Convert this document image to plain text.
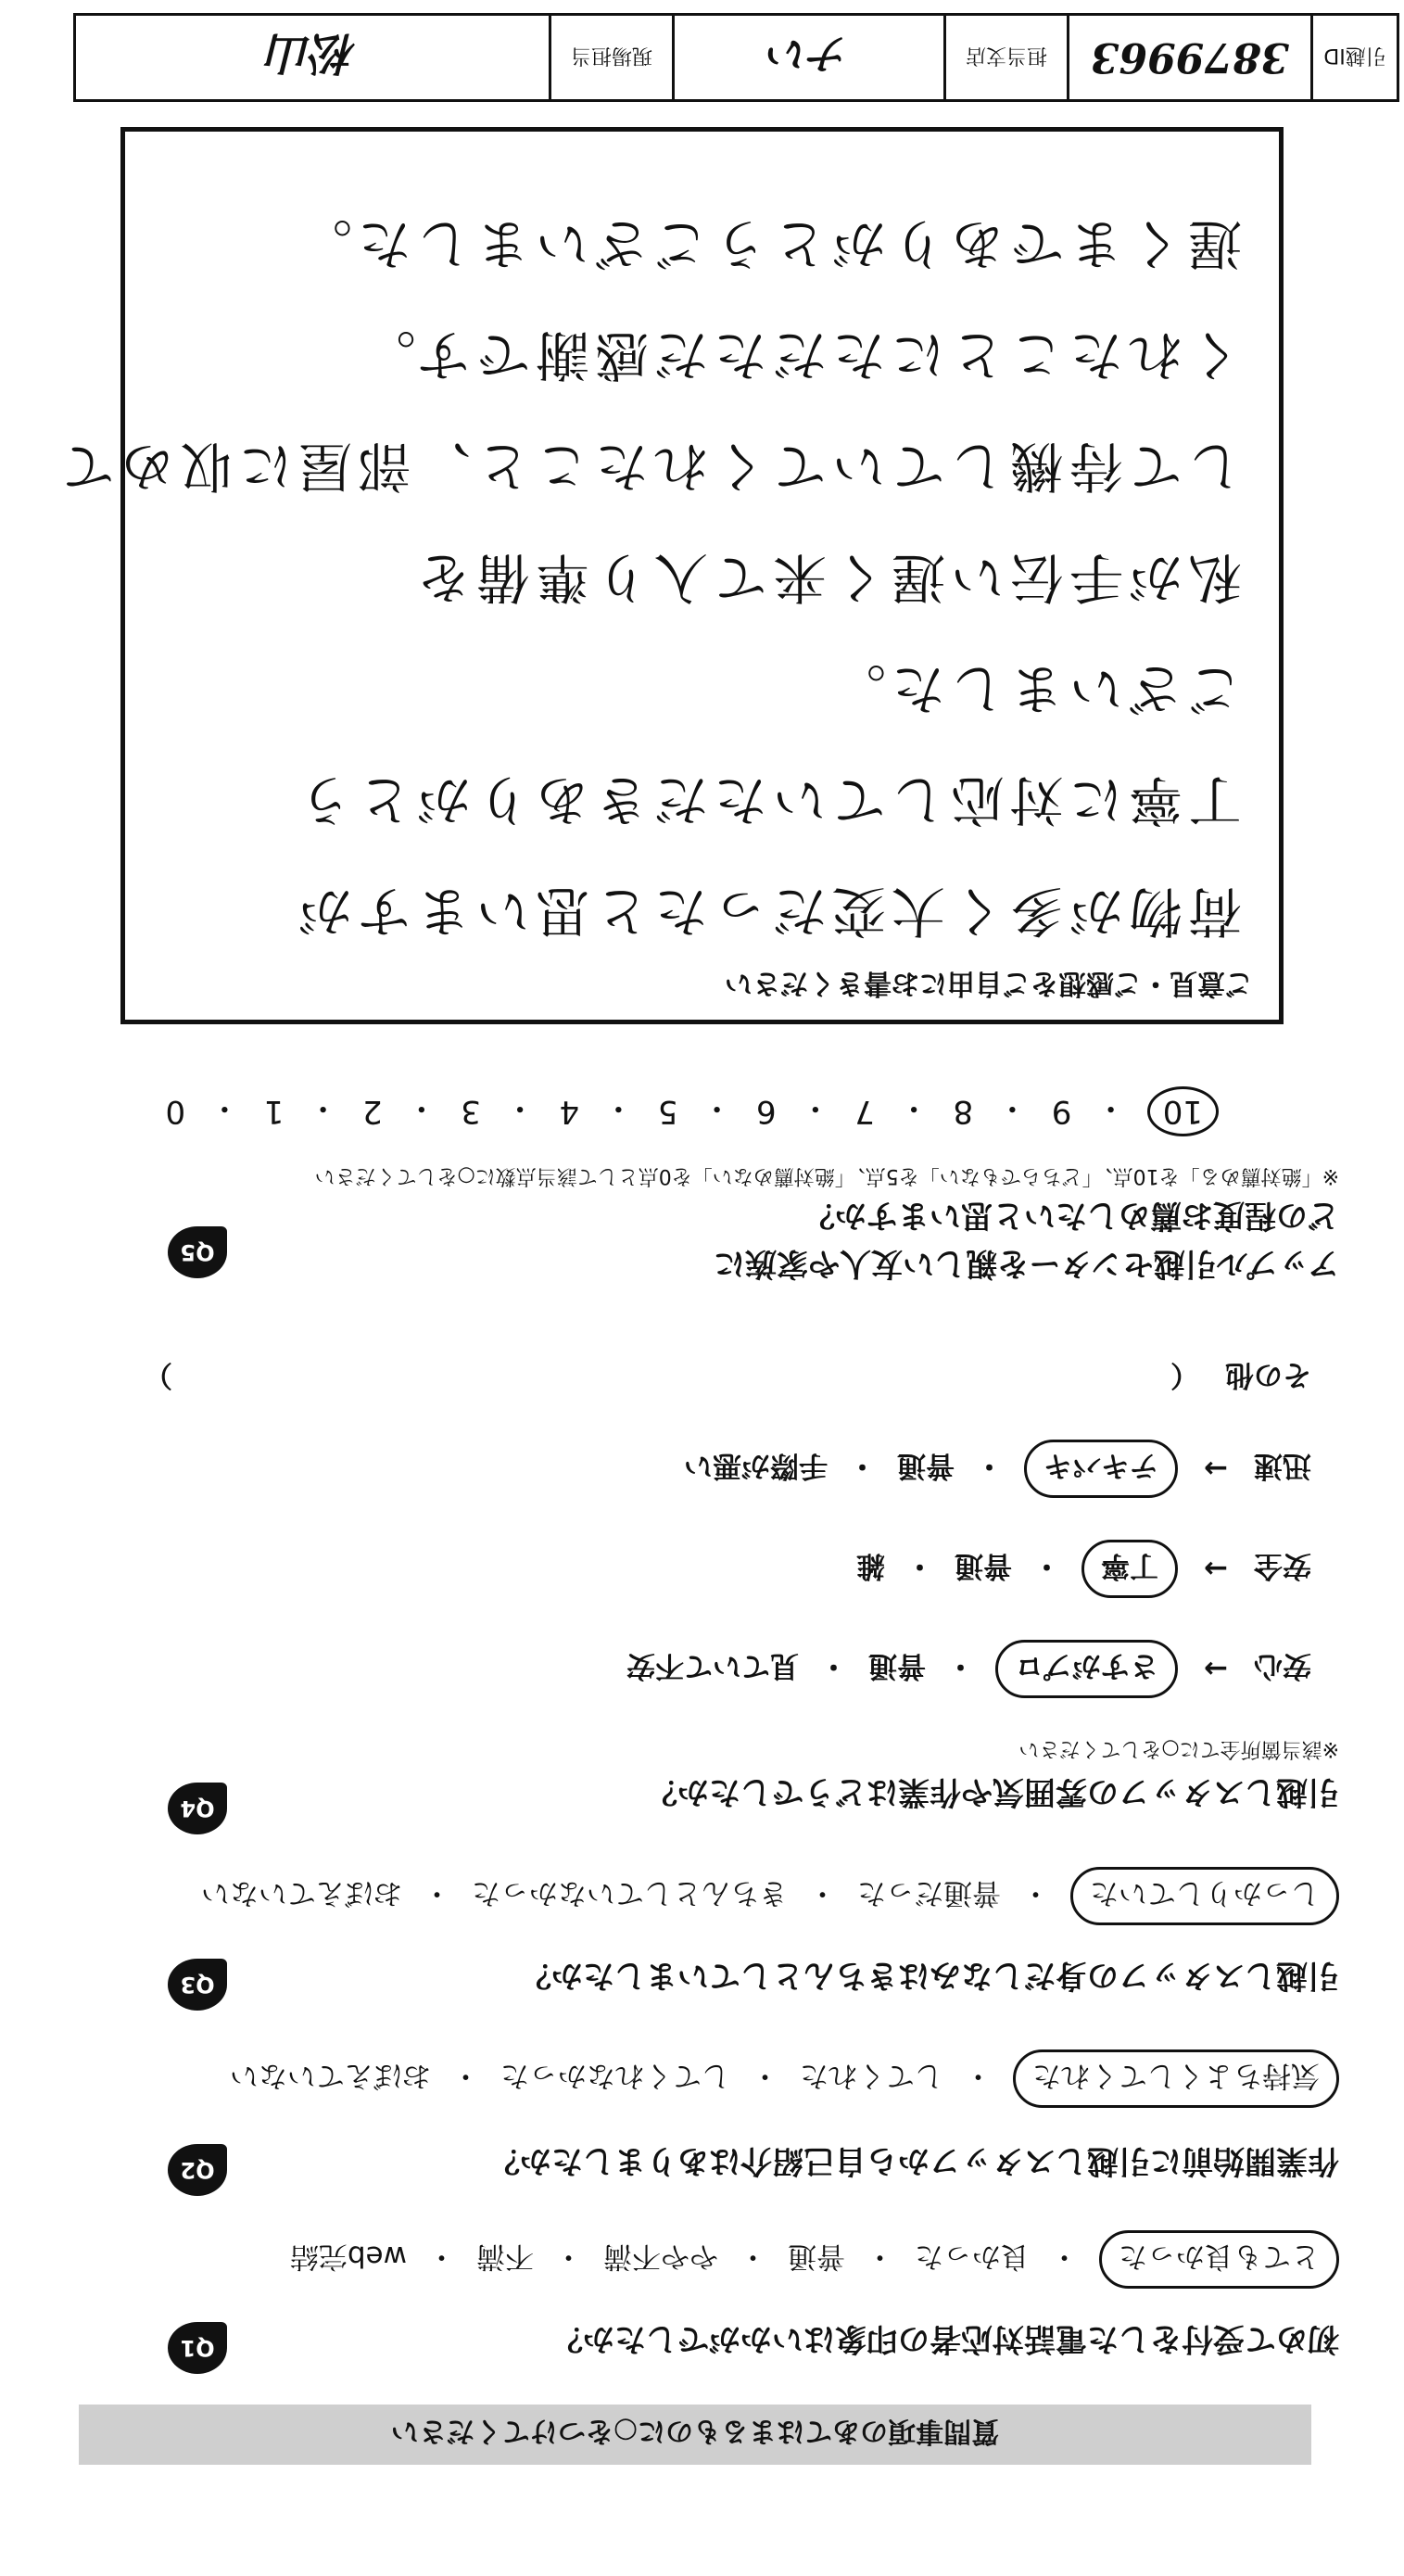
引越ID
3879963
担当支店
ナい
現場担当
松山
ご意見・ご感想をご自由にお書きください
荷物が多く大変だったと思いますが
丁寧に対応していただきありがとう
ございました。
私が手伝い遅く来て入り準備を
して待機していてくれたこと、部屋に収めて
くれたことにただただ感謝です。
遅くまでありがとうございました。
10
・
9
・
8
・
7
・
6
・
5
・
4
・
3
・
2
・
1
・
0
※「絶対薦める」を10点、「どちらでもない」を5点、「絶対薦めない」を0点として該当点数に○をしてください
アップル引越センターを親しい友人や家族に
どの程度お薦めしたいと思いますか？
Q5
その他
（
）
迅速
→
テキパキ
・
普通
・
手際が悪い
安全
→
丁寧
・
普通
・
雑
安心
→
さすがプロ
・
普通
・
見ていて不安
※該当箇所全てに○をしてください
引越しスタッフの雰囲気や作業はどうでしたか？
Q4
しっかりしていた
・
普通だった
・
きちんとしていなかった
・
おぼえていない
引越しスタッフの身だしなみはきちんとしていましたか？
Q3
気持ちよくしてくれた
・
してくれた
・
してくれなかった
・
おぼえていない
作業開始前に引越しスタッフから自己紹介はありましたか？
Q2
とても良かった
・
良かった
・
普通
・
やや不満
・
不満
・
web完結
初めて受付をした電話対応者の印象はいかがでしたか？
Q1
質問事項のあてはまるものに○をつけてください
